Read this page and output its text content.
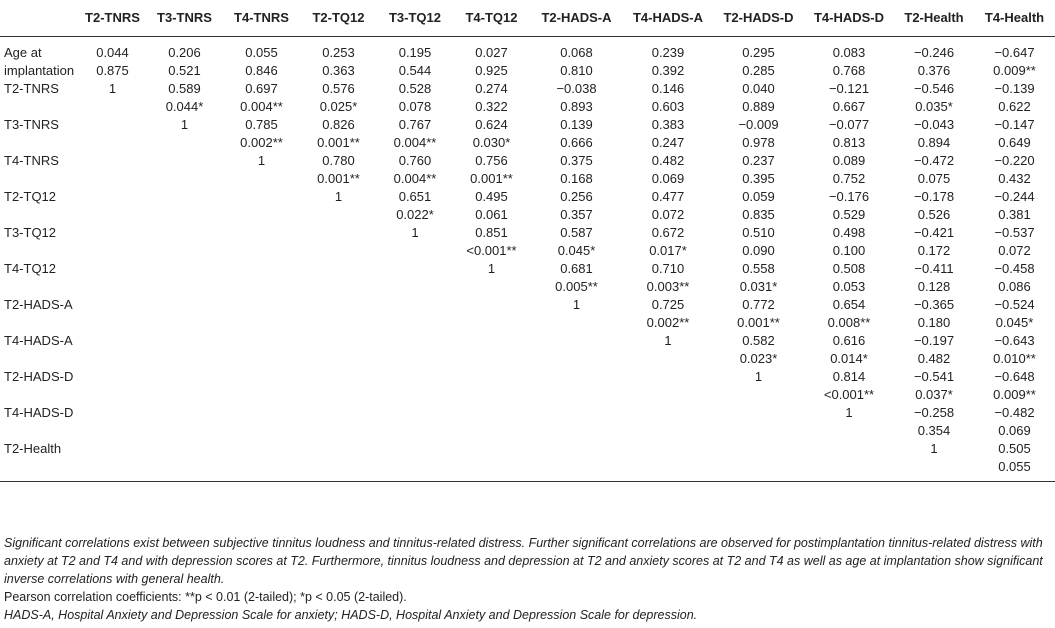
	T2-TNRS	T3-TNRS	T4-TNRS	T2-TQ12	T3-TQ12	T4-TQ12	T2-HADS-A	T4-HADS-A	T2-HADS-D	T4-HADS-D	T2-Health	T4-Health
Age at	0.044	0.206	0.055	0.253	0.195	0.027	0.068	0.239	0.295	0.083	−0.246	−0.647
implantation	0.875	0.521	0.846	0.363	0.544	0.925	0.810	0.392	0.285	0.768	0.376	0.009**
T2-TNRS	1	0.589	0.697	0.576	0.528	0.274	−0.038	0.146	0.040	−0.121	−0.546	−0.139
		0.044*	0.004**	0.025*	0.078	0.322	0.893	0.603	0.889	0.667	0.035*	0.622
T3-TNRS		1	0.785	0.826	0.767	0.624	0.139	0.383	−0.009	−0.077	−0.043	−0.147
			0.002**	0.001**	0.004**	0.030*	0.666	0.247	0.978	0.813	0.894	0.649
T4-TNRS			1	0.780	0.760	0.756	0.375	0.482	0.237	0.089	−0.472	−0.220
				0.001**	0.004**	0.001**	0.168	0.069	0.395	0.752	0.075	0.432
T2-TQ12				1	0.651	0.495	0.256	0.477	0.059	−0.176	−0.178	−0.244
					0.022*	0.061	0.357	0.072	0.835	0.529	0.526	0.381
T3-TQ12					1	0.851	0.587	0.672	0.510	0.498	−0.421	−0.537
						<0.001**	0.045*	0.017*	0.090	0.100	0.172	0.072
T4-TQ12						1	0.681	0.710	0.558	0.508	−0.411	−0.458
							0.005**	0.003**	0.031*	0.053	0.128	0.086
T2-HADS-A							1	0.725	0.772	0.654	−0.365	−0.524
								0.002**	0.001**	0.008**	0.180	0.045*
T4-HADS-A								1	0.582	0.616	−0.197	−0.643
									0.023*	0.014*	0.482	0.010**
T2-HADS-D									1	0.814	−0.541	−0.648
										<0.001**	0.037*	0.009**
T4-HADS-D										1	−0.258	−0.482
											0.354	0.069
T2-Health											1	0.505
												0.055

Significant correlations exist between subjective tinnitus loudness and tinnitus-related distress. Further significant correlations are observed for postimplantation tinnitus-related distress with anxiety at T2 and T4 and with depression scores at T2. Furthermore, tinnitus loudness and depression at T2 and anxiety scores at T2 and T4 as well as age at implantation show significant inverse correlations with general health.

Pearson correlation coefficients: **p < 0.01 (2-tailed); *p < 0.05 (2-tailed).

HADS-A, Hospital Anxiety and Depression Scale for anxiety; HADS-D, Hospital Anxiety and Depression Scale for depression.
